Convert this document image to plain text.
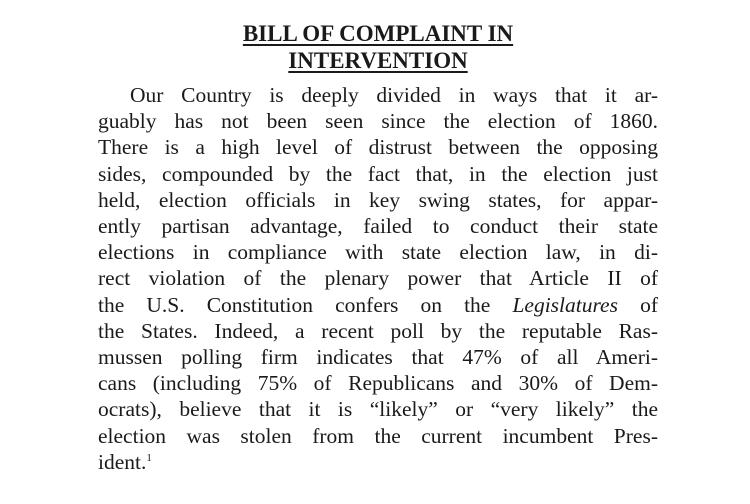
BILL OF COMPLAINT IN
INTERVENTION
Our Country is deeply divided in ways that it ar-
guably has not been seen since the election of 1860.
There is a high level of distrust between the opposing
sides, compounded by the fact that, in the election just
held, election officials in key swing states, for appar-
ently partisan advantage, failed to conduct their state
elections in compliance with state election law, in di-
rect violation of the plenary power that Article II of
the U.S. Constitution confers on the Legislatures of
the States. Indeed, a recent poll by the reputable Ras-
mussen polling firm indicates that 47% of all Ameri-
cans (including 75% of Republicans and 30% of Dem-
ocrats), believe that it is “likely” or “very likely” the
election was stolen from the current incumbent Pres-
ident.$^1$
